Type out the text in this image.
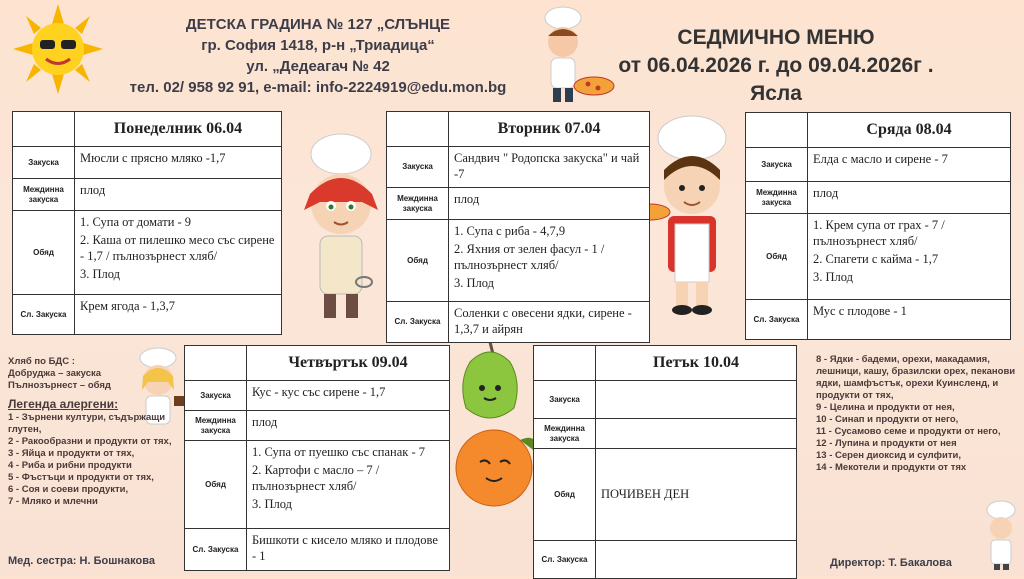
ДЕТСКА ГРАДИНА № 127 „СЛЪНЦЕ
гр. София 1418, р-н „Триадица“
ул. „Дедеагач № 42
тел. 02/ 958 92 91, e-mail: info-2224919@edu.mon.bg
СЕДМИЧНО МЕНЮ
от 06.04.2026 г. до 09.04.2026г .
Ясла
	Понеделник 06.04
Закуска	Мюсли с прясно мляко -1,7

Междинна закуска	плод

Обяд	1. Супа от домати - 9
2. Каша от пилешко месо със сирене - 1,7 / пълнозърнест хляб/
3. Плод

Сл. Закуска	Крем ягода - 1,3,7
	Вторник 07.04
Закуска	Сандвич " Родопска закуска" и чай -7

Междинна закуска	плод

Обяд	1. Супа с риба - 4,7,9
2. Яхния от зелен фасул - 1 /пълнозърнест хляб/
3. Плод

Сл. Закуска	Соленки с овесени ядки, сирене - 1,3,7 и айрян
	Сряда 08.04
Закуска	Елда с масло и сирене - 7

Междинна закуска	плод

Обяд	1. Крем супа от грах - 7 / пълнозърнест хляб/
2. Спагети с кайма - 1,7
3. Плод

Сл. Закуска	Мус с плодове - 1
	Четвъртък 09.04
Закуска	Кус - кус със сирене - 1,7

Междинна закуска	плод

Обяд	1. Супа от пуешко със спанак - 7
2. Картофи с масло – 7 /пълнозърнест хляб/
3. Плод

Сл. Закуска	Бишкоти с кисело мляко и плодове - 1
	Петък 10.04
Закуска	

Междинна закуска	

Обяд	ПОЧИВЕН ДЕН

Сл. Закуска	
Хляб по БДС :
Добруджа – закуска
Пълнозърнест – обяд
Легенда алергени:
1 - Зърнени култури, съдържащи глутен,
2 - Ракообразни и продукти от тях,
3 - Яйца и продукти от тях,
4 - Риба и рибни продукти
5 - Фъстъци и продукти от тях,
6 - Соя и соеви продукти,
7 - Мляко и млечни
8 - Ядки - бадеми, орехи, макадамия, лешници, кашу, бразилски орех, пеканови ядки, шамфъстък, орехи Куинсленд, и продукти от тях,
9 - Целина и продукти от нея,
10 - Синап и продукти от него,
11 - Сусамово семе и продукти от него,
12 - Лупина и продукти от нея
13 - Серен диоксид и сулфити,
14 - Мекотели и продукти от тях
Мед. сестра: Н. Бошнакова	Директор: Т. Бакалова
